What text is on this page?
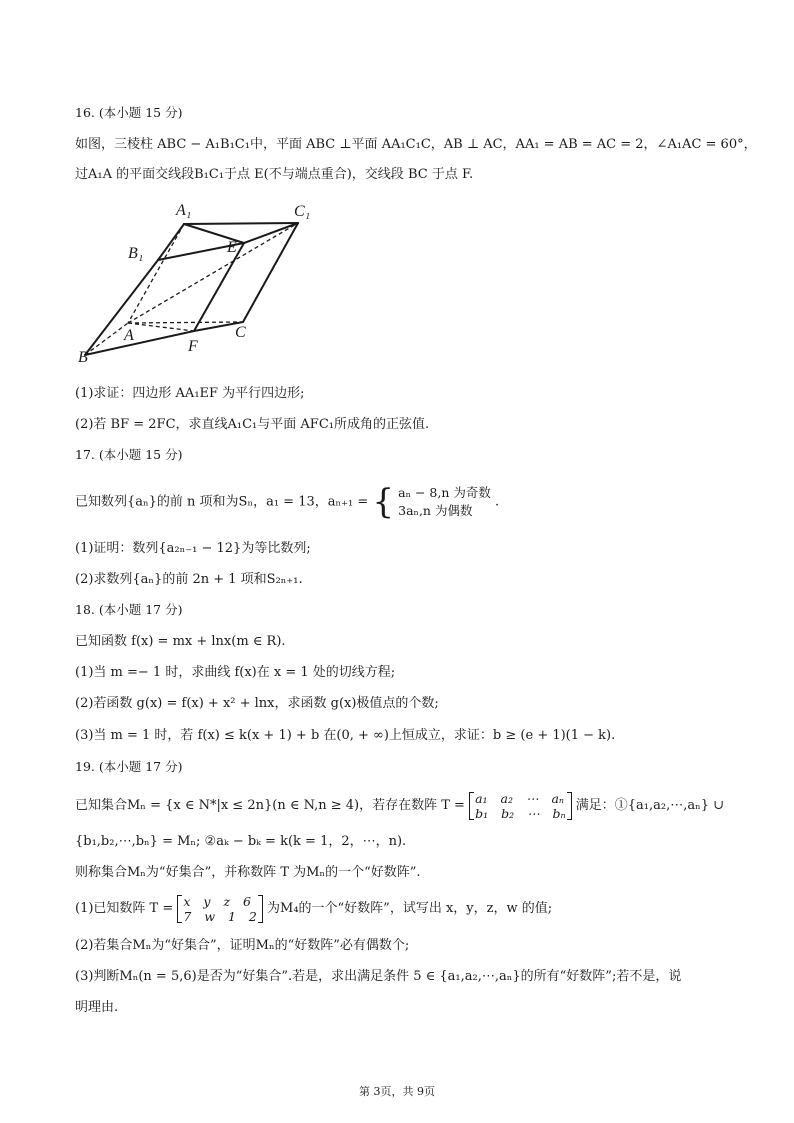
16. (本小题 15 分)
如图，三棱柱 ABC − A₁B₁C₁中，平面 ABC ⊥平面 AA₁C₁C，AB ⊥ AC，AA₁ = AB = AC = 2，∠A₁AC = 60°，
过A₁A 的平面交线段B₁C₁于点 E(不与端点重合)，交线段 BC 于点 F.
A₁	C₁
B₁	E
A	C
B
F
(1)求证：四边形 AA₁EF 为平行四边形;
(2)若 BF = 2FC，求直线A₁C₁与平面 AFC₁所成角的正弦值.
17. (本小题 15 分)
已知数列{aₙ}的前 n 项和为Sₙ，a₁ = 13，aₙ₊₁ = { aₙ − 8,n 为奇数
3aₙ,n 为偶数
.
(1)证明：数列{a₂ₙ₋₁ − 12}为等比数列;
(2)求数列{aₙ}的前 2n + 1 项和S₂ₙ₊₁.
18. (本小题 17 分)
已知函数 f(x) = mx + lnx(m ∈ R).
(1)当 m =− 1 时，求曲线 f(x)在 x = 1 处的切线方程;
(2)若函数 g(x) = f(x) + x² + lnx，求函数 g(x)极值点的个数;
(3)当 m = 1 时，若 f(x) ≤ k(x + 1) + b 在(0, + ∞)上恒成立，求证：b ≥ (e + 1)(1 − k).
19. (本小题 17 分)
已知集合Mₙ = {x ∈ N*|x ≤ 2n}(n ∈ N,n ≥ 4)，若存在数阵 T = a₁ a₂ ⋯ aₙ
b₁ b₂ ⋯ bₙ 满足：①{a₁,a₂,⋯,aₙ} ∪
{b₁,b₂,⋯,bₙ} = Mₙ; ②aₖ − bₖ = k(k = 1，2，⋯，n).
则称集合Mₙ为“好集合”，并称数阵 T 为Mₙ的一个“好数阵”.
(1)已知数阵 T = x y z 6
7 w 1 2 为M₄的一个“好数阵”，试写出 x，y，z，w 的值;
(2)若集合Mₙ为“好集合”，证明Mₙ的“好数阵”必有偶数个;
(3)判断Mₙ(n = 5,6)是否为“好集合”.若是，求出满足条件 5 ∈ {a₁,a₂,⋯,aₙ}的所有“好数阵”;若不是，说
明理由.
第 3页，共 9页
